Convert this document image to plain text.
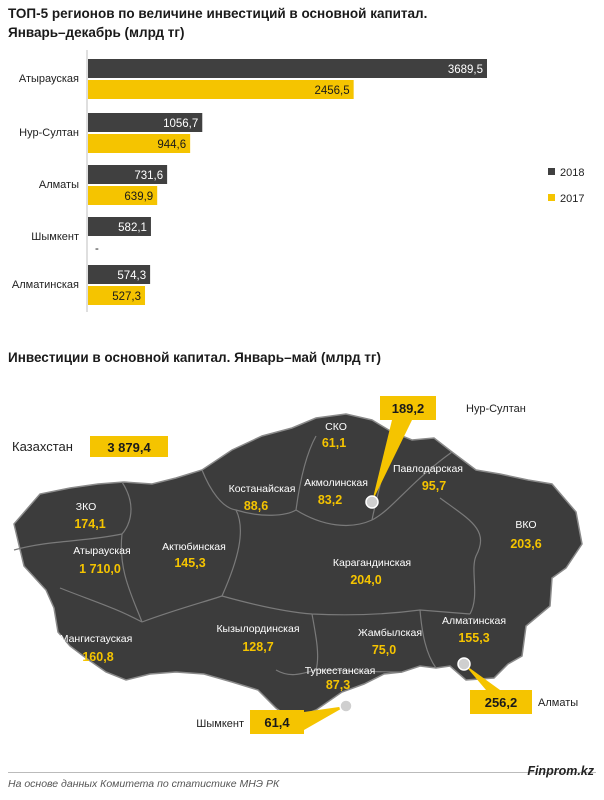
ТОП-5 регионов по величине инвестиций в основной капитал.
Январь–декабрь (млрд тг)
Атырауская
3689,5
2456,5
Нур-Султан
1056,7
944,6
Алматы
731,6
639,9
Шымкент
582,1
-
Алматинская
574,3
527,3
2018
2017
Инвестиции в основной капитал. Январь–май (млрд тг)
Казахстан	3 879,4
СКО
61,1
Павлодарская
95,7
Костанайская
88,6
Акмолинская
83,2
ЗКО
174,1	ВКО
203,6
Атырауская
1 710,0
Актюбинская
145,3	Карагандинская
204,0
Мангистауская
160,8
Кызылординская
128,7
Жамбылская
75,0
Алматинская
155,3
Туркестанская
87,3
189,2	Нур-Султан
256,2 Алматы
61,4
Шымкент
Finprom.kz
На основе данных Комитета по статистике МНЭ РК
